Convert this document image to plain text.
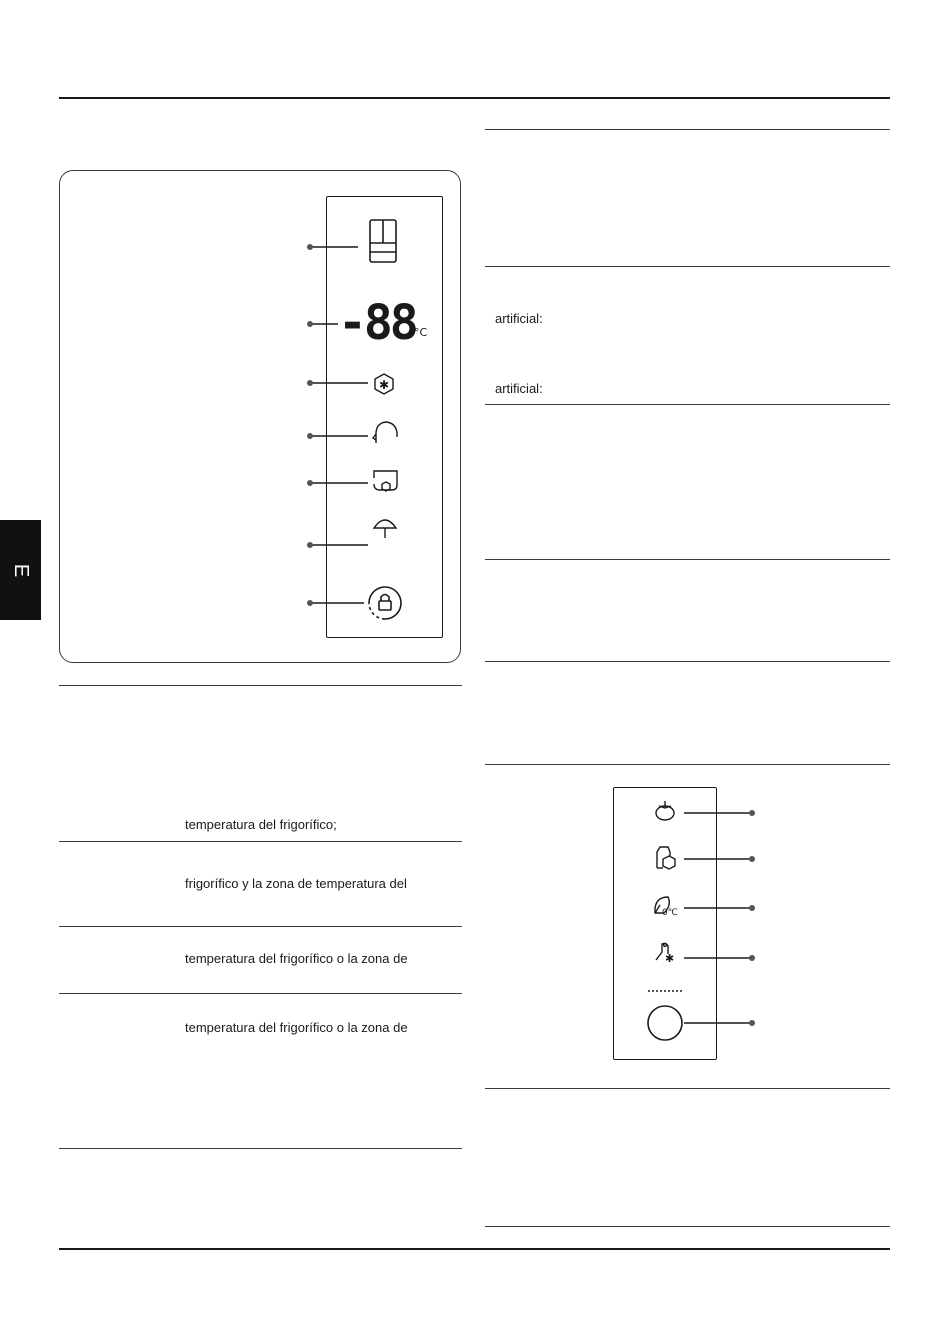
E
✱
0℃
✱
-88
°C
temperatura del frigorífico;
frigorífico y la zona de temperatura del
temperatura del frigorífico o la zona de
temperatura del frigorífico o la zona de
artificial:
artificial:
